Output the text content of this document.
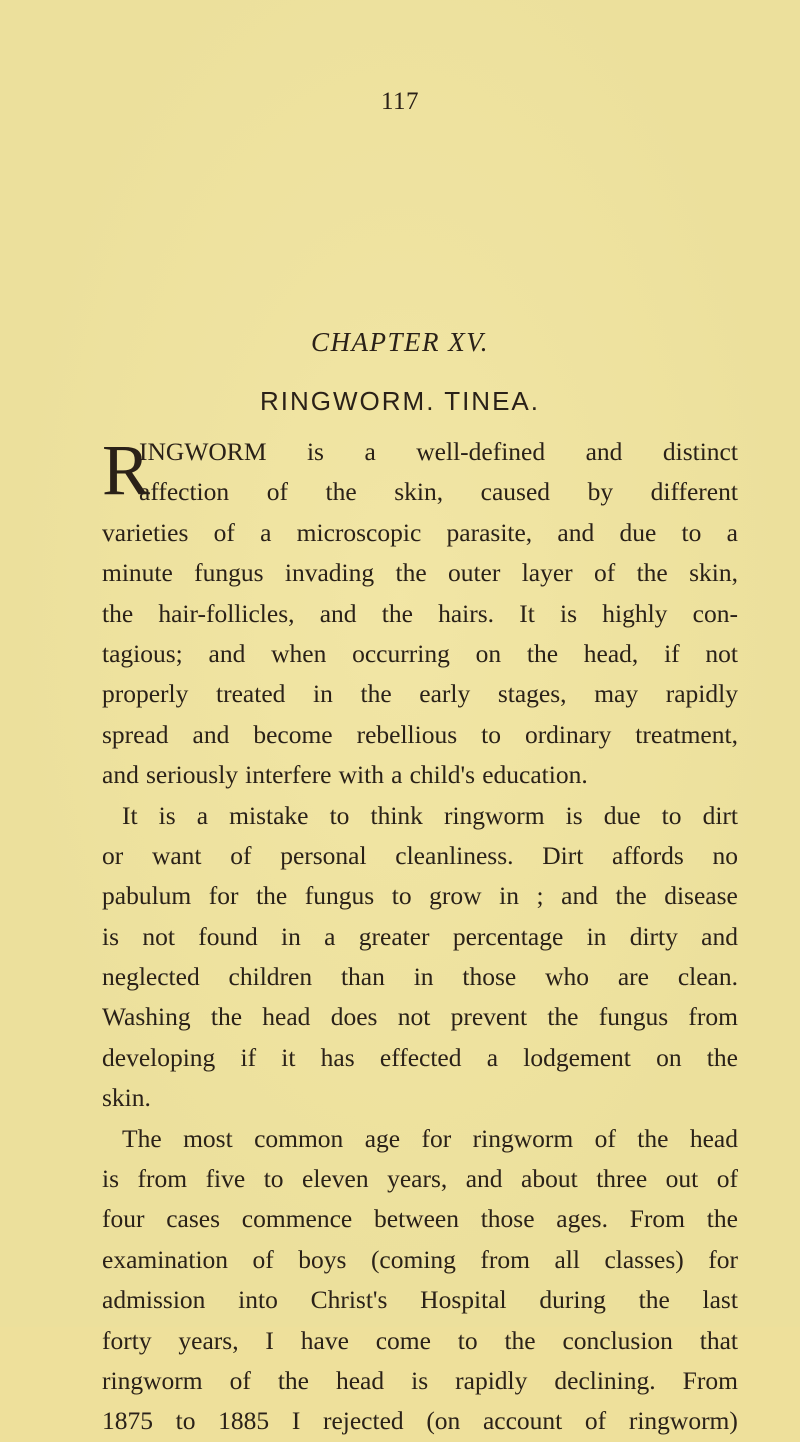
117
CHAPTER XV.
RINGWORM. TINEA.
R
INGWORM is a well-defined and distinct
affection of the skin, caused by different
varieties of a microscopic parasite, and due to a
minute fungus invading the outer layer of the skin,
the hair-follicles, and the hairs. It is highly con-
tagious; and when occurring on the head, if not
properly treated in the early stages, may rapidly
spread and become rebellious to ordinary treatment,
and seriously interfere with a child's education.
It is a mistake to think ringworm is due to dirt
or want of personal cleanliness. Dirt affords no
pabulum for the fungus to grow in ; and the disease
is not found in a greater percentage in dirty and
neglected children than in those who are clean.
Washing the head does not prevent the fungus from
developing if it has effected a lodgement on the
skin.
The most common age for ringworm of the head
is from five to eleven years, and about three out of
four cases commence between those ages. From the
examination of boys (coming from all classes) for
admission into Christ's Hospital during the last
forty years, I have come to the conclusion that
ringworm of the head is rapidly declining. From
1875 to 1885 I rejected (on account of ringworm)
